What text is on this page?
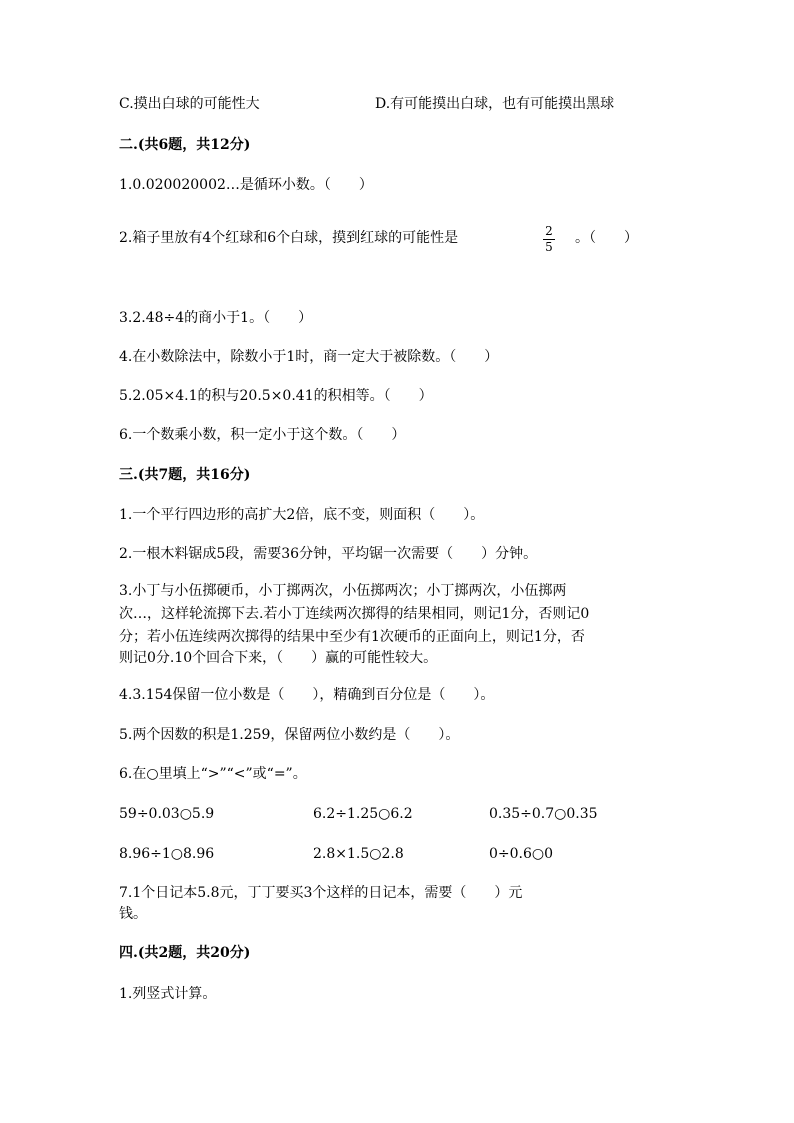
C.摸出白球的可能性大	D.有可能摸出白球，也有可能摸出黑球
二.(共6题，共12分)
1.0.020020002…是循环小数。（　　）
2.箱子里放有4个红球和6个白球，摸到红球的可能性是	2
5
。（　　）
3.2.48÷4的商小于1。（　　）
4.在小数除法中，除数小于1时，商一定大于被除数。（　　）
5.2.05×4.1的积与20.5×0.41的积相等。（　　）
6.一个数乘小数，积一定小于这个数。（　　）
三.(共7题，共16分)
1.一个平行四边形的高扩大2倍，底不变，则面积（　　）。
2.一根木料锯成5段，需要36分钟，平均锯一次需要（　　）分钟。
3.小丁与小伍掷硬币，小丁掷两次，小伍掷两次；小丁掷两次，小伍掷两
次…，这样轮流掷下去.若小丁连续两次掷得的结果相同，则记1分，否则记0
分；若小伍连续两次掷得的结果中至少有1次硬币的正面向上，则记1分，否
则记0分.10个回合下来，（　　）赢的可能性较大。
4.3.154保留一位小数是（　　），精确到百分位是（　　）。
5.两个因数的积是1.259，保留两位小数约是（　　）。
6.在○里填上“>”“<”或“=”。
59÷0.03○5.9	6.2÷1.25○6.2	0.35÷0.7○0.35
8.96÷1○8.96	2.8×1.5○2.8	0÷0.6○0
7.1个日记本5.8元，丁丁要买3个这样的日记本，需要（　　）元
钱。
四.(共2题，共20分)
1.列竖式计算。
